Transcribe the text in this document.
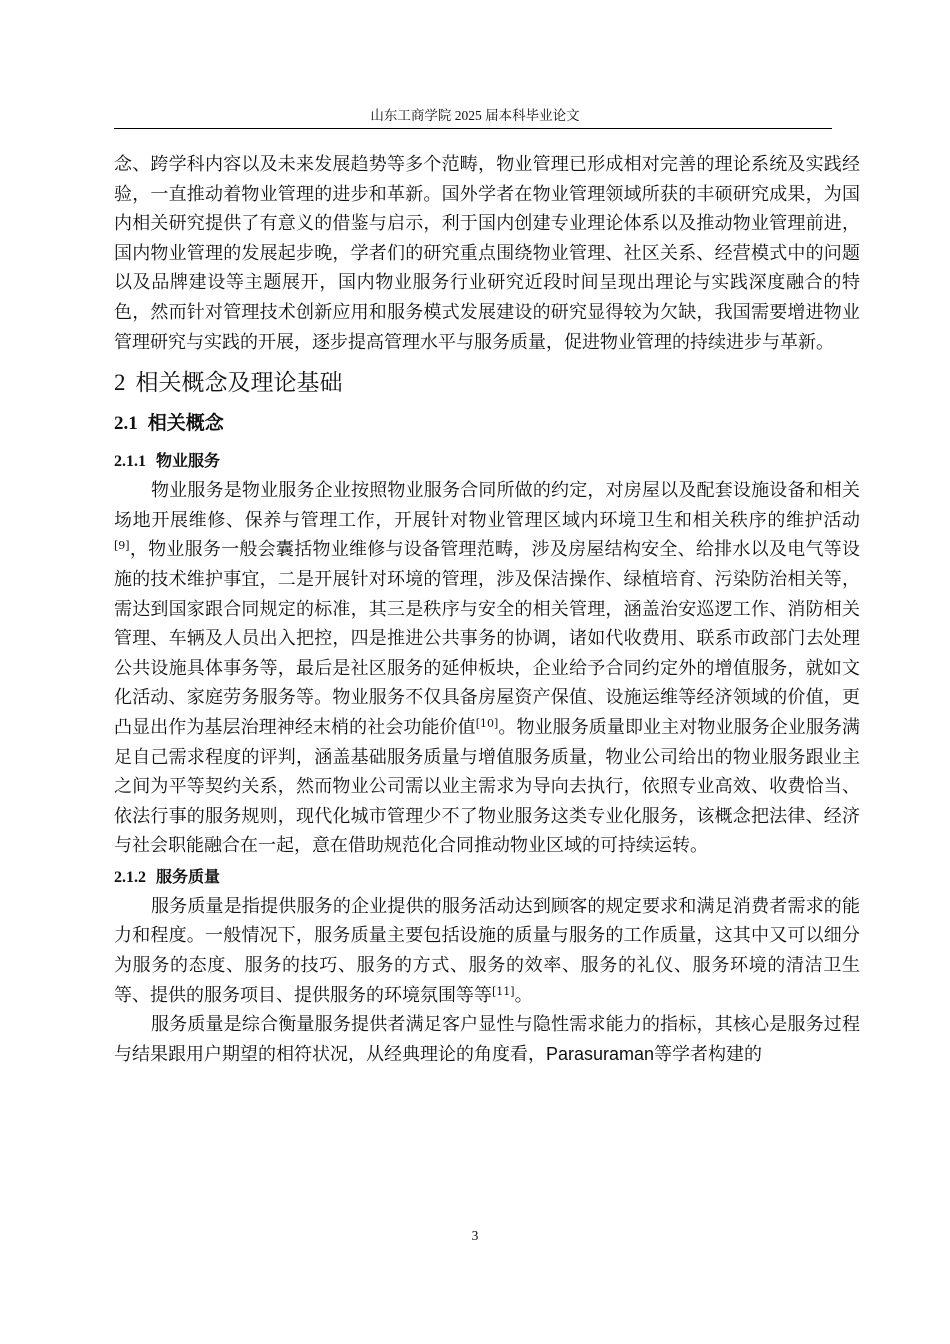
山东工商学院 2025 届本科毕业论文

念、跨学科内容以及未来发展趋势等多个范畴，物业管理已形成相对完善的理论系统及实践经验，一直推动着物业管理的进步和革新。国外学者在物业管理领域所获的丰硕研究成果，为国内相关研究提供了有意义的借鉴与启示，利于国内创建专业理论体系以及推动物业管理前进，国内物业管理的发展起步晚，学者们的研究重点围绕物业管理、社区关系、经营模式中的问题以及品牌建设等主题展开，国内物业服务行业研究近段时间呈现出理论与实践深度融合的特色，然而针对管理技术创新应用和服务模式发展建设的研究显得较为欠缺，我国需要增进物业管理研究与实践的开展，逐步提高管理水平与服务质量，促进物业管理的持续进步与革新。

2 相关概念及理论基础
2.1 相关概念
2.1.1 物业服务

物业服务是物业服务企业按照物业服务合同所做的约定，对房屋以及配套设施设备和相关场地开展维修、保养与管理工作，开展针对物业管理区域内环境卫生和相关秩序的维护活动[9]，物业服务一般会囊括物业维修与设备管理范畴，涉及房屋结构安全、给排水以及电气等设施的技术维护事宜，二是开展针对环境的管理，涉及保洁操作、绿植培育、污染防治相关等，需达到国家跟合同规定的标准，其三是秩序与安全的相关管理，涵盖治安巡逻工作、消防相关管理、车辆及人员出入把控，四是推进公共事务的协调，诸如代收费用、联系市政部门去处理公共设施具体事务等，最后是社区服务的延伸板块，企业给予合同约定外的增值服务，就如文化活动、家庭劳务服务等。物业服务不仅具备房屋资产保值、设施运维等经济领域的价值，更凸显出作为基层治理神经末梢的社会功能价值[10]。物业服务质量即业主对物业服务企业服务满足自己需求程度的评判，涵盖基础服务质量与增值服务质量，物业公司给出的物业服务跟业主之间为平等契约关系，然而物业公司需以业主需求为导向去执行，依照专业高效、收费恰当、依法行事的服务规则，现代化城市管理少不了物业服务这类专业化服务，该概念把法律、经济与社会职能融合在一起，意在借助规范化合同推动物业区域的可持续运转。

2.1.2 服务质量

服务质量是指提供服务的企业提供的服务活动达到顾客的规定要求和满足消费者需求的能力和程度。一般情况下，服务质量主要包括设施的质量与服务的工作质量，这其中又可以细分为服务的态度、服务的技巧、服务的方式、服务的效率、服务的礼仪、服务环境的清洁卫生等、提供的服务项目、提供服务的环境氛围等等[11]。

服务质量是综合衡量服务提供者满足客户显性与隐性需求能力的指标，其核心是服务过程与结果跟用户期望的相符状况，从经典理论的角度看，Parasuraman等学者构建的

3
